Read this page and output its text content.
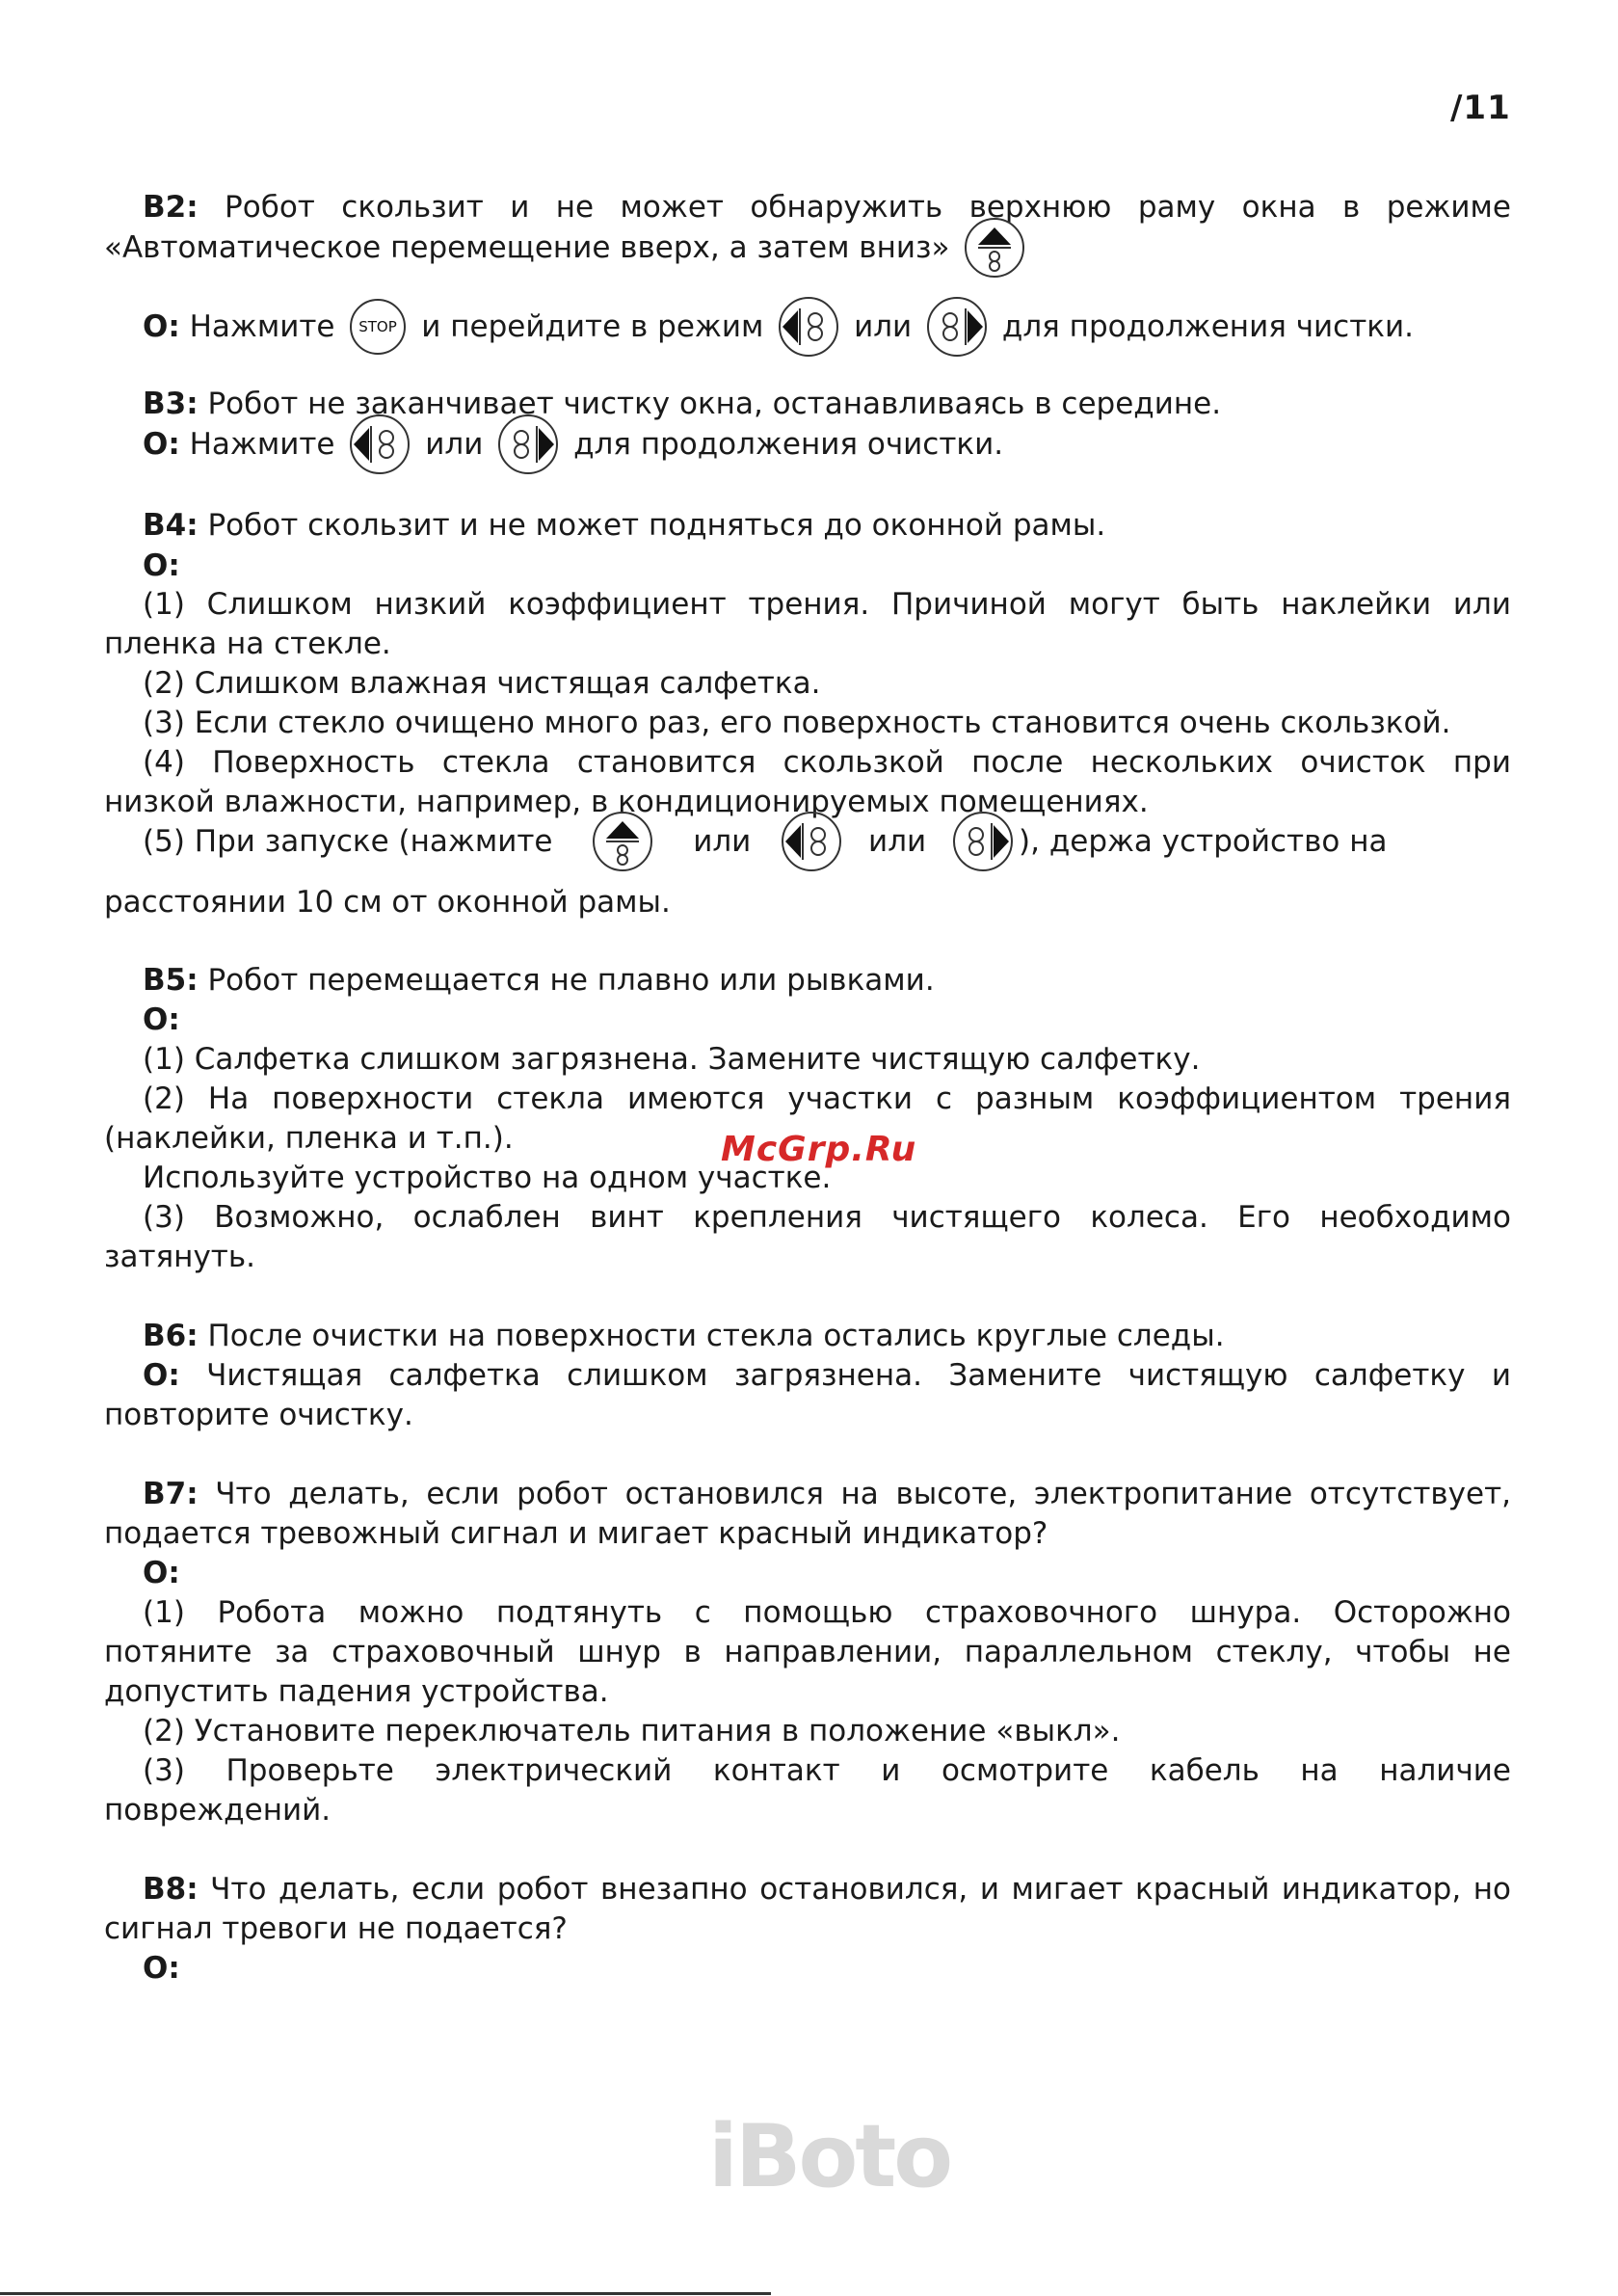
/11
В2: Робот скользит и не может обнаружить верхнюю раму окна в режиме
«Автоматическое перемещение вверх, а затем вниз»
О: Нажмите STOP и перейдите в режим	или	для продолжения чистки.
В3: Робот не заканчивает чистку окна, останавливаясь в середине.
О: Нажмите	или	для продолжения очистки.
В4: Робот скользит и не может подняться до оконной рамы.
О:
(1) Слишком низкий коэффициент трения. Причиной могут быть наклейки или
пленка на стекле.
(2) Слишком влажная чистящая салфетка.
(3) Если стекло очищено много раз, его поверхность становится очень скользкой.
(4) Поверхность стекла становится скользкой после нескольких очисток при
низкой влажности, например, в кондиционируемых помещениях.
(5) При запуске (нажмите	или	или	), держа устройство на
расстоянии 10 см от оконной рамы.
В5: Робот перемещается не плавно или рывками.
О:
(1) Салфетка слишком загрязнена. Замените чистящую салфетку.
(2) На поверхности стекла имеются участки с разным коэффициентом трения
(наклейки, пленка и т.п.).
Используйте устройство на одном участке.
(3) Возможно, ослаблен винт крепления чистящего колеса. Его необходимо
затянуть.
McGrp.Ru
В6: После очистки на поверхности стекла остались круглые следы.
О: Чистящая салфетка слишком загрязнена. Замените чистящую салфетку и
повторите очистку.
В7: Что делать, если робот остановился на высоте, электропитание отсутствует,
подается тревожный сигнал и мигает красный индикатор?
О:
(1) Робота можно подтянуть с помощью страховочного шнура. Осторожно
потяните за страховочный шнур в направлении, параллельном стеклу, чтобы не
допустить падения устройства.
(2) Установите переключатель питания в положение «выкл».
(3) Проверьте электрический контакт и осмотрите кабель на наличие
повреждений.
В8: Что делать, если робот внезапно остановился, и мигает красный индикатор, но
сигнал тревоги не подается?
О:
iBoto
